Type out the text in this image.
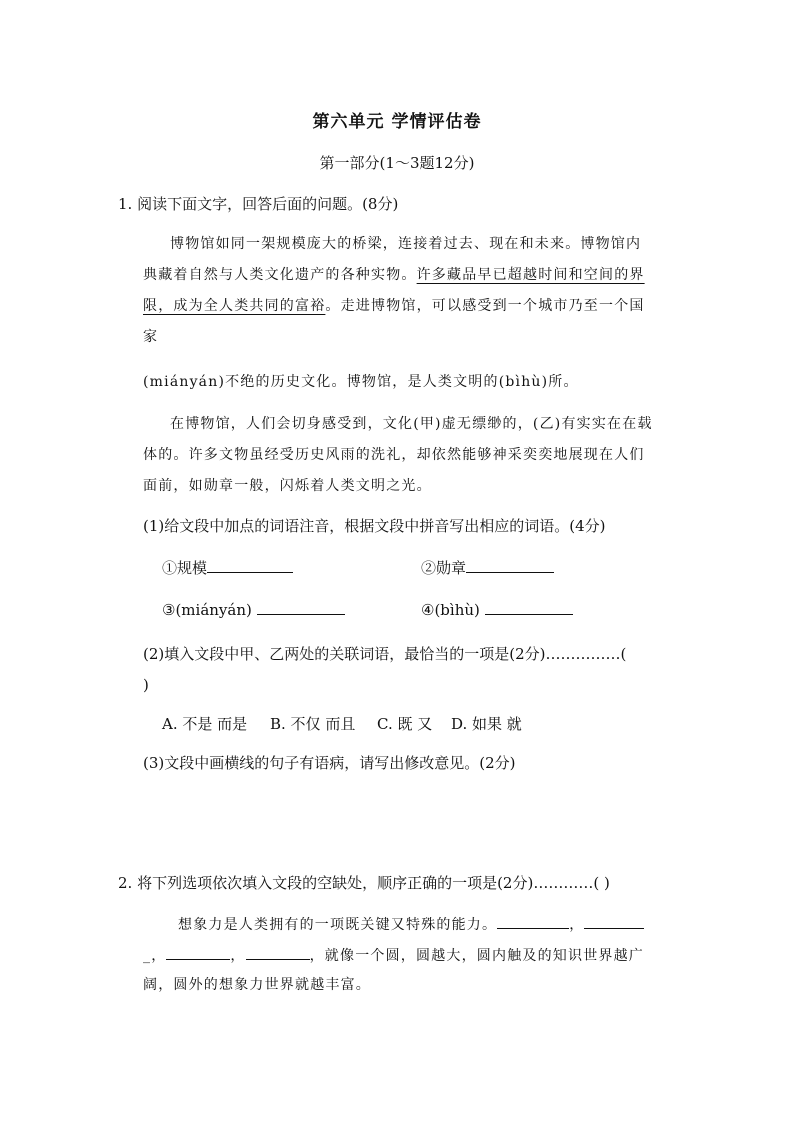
第六单元 学情评估卷
第一部分(1～3题12分)
1. 阅读下面文字，回答后面的问题。(8分)
博物馆如同一架规模庞大的桥梁，连接着过去、现在和未来。博物馆内
典藏着自然与人类文化遗产的各种实物。许多藏品早已超越时间和空间的界
限，成为全人类共同的富裕。走进博物馆，可以感受到一个城市乃至一个国
家
(miányán)不绝的历史文化。博物馆，是人类文明的(bìhù)所。
在博物馆，人们会切身感受到，文化(甲)虚无缥缈的，(乙)有实实在在载
体的。许多文物虽经受历史风雨的洗礼，却依然能够神采奕奕地展现在人们
面前，如勋章一般，闪烁着人类文明之光。
(1)给文段中加点的词语注音，根据文段中拼音写出相应的词语。(4分)
①规模	②勋章
③(miányán)	④(bìhù)
(2)填入文段中甲、乙两处的关联词语，最恰当的一项是(2分)……………(
)
A. 不是 而是 B. 不仅 而且 C. 既 又 D. 如果 就
(3)文段中画横线的句子有语病，请写出修改意见。(2分)
2. 将下列选项依次填入文段的空缺处，顺序正确的一项是(2分)…………( )
想象力是人类拥有的一项既关键又特殊的能力。	，
_，	，	，就像一个圆，圆越大，圆内触及的知识世界越广
阔，圆外的想象力世界就越丰富。
